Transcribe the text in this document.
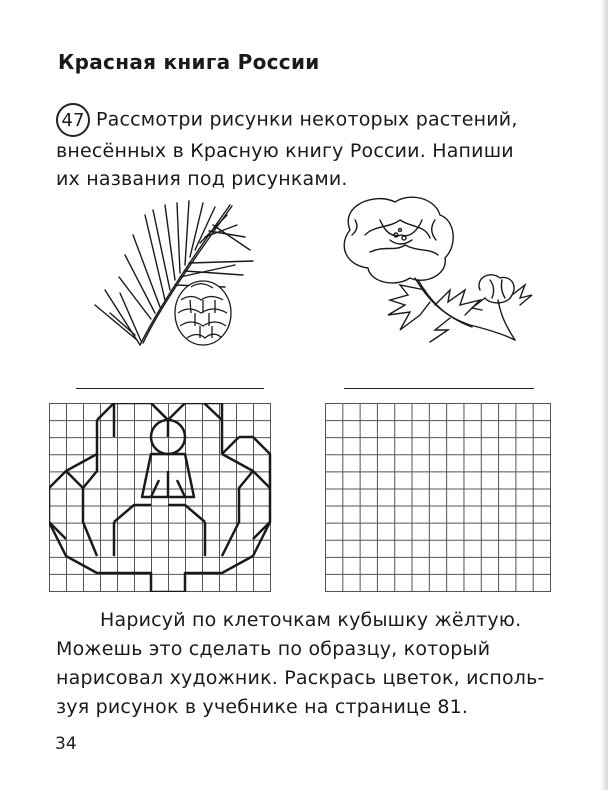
Красная книга России
47 Рассмотри рисунки некоторых растений,
внесённых в Красную книгу России. Напиши
их названия под рисунками.
Нарисуй по клеточкам кубышку жёлтую.
Можешь это сделать по образцу, который
нарисовал художник. Раскрась цветок, исполь-
зуя рисунок в учебнике на странице 81.
34
